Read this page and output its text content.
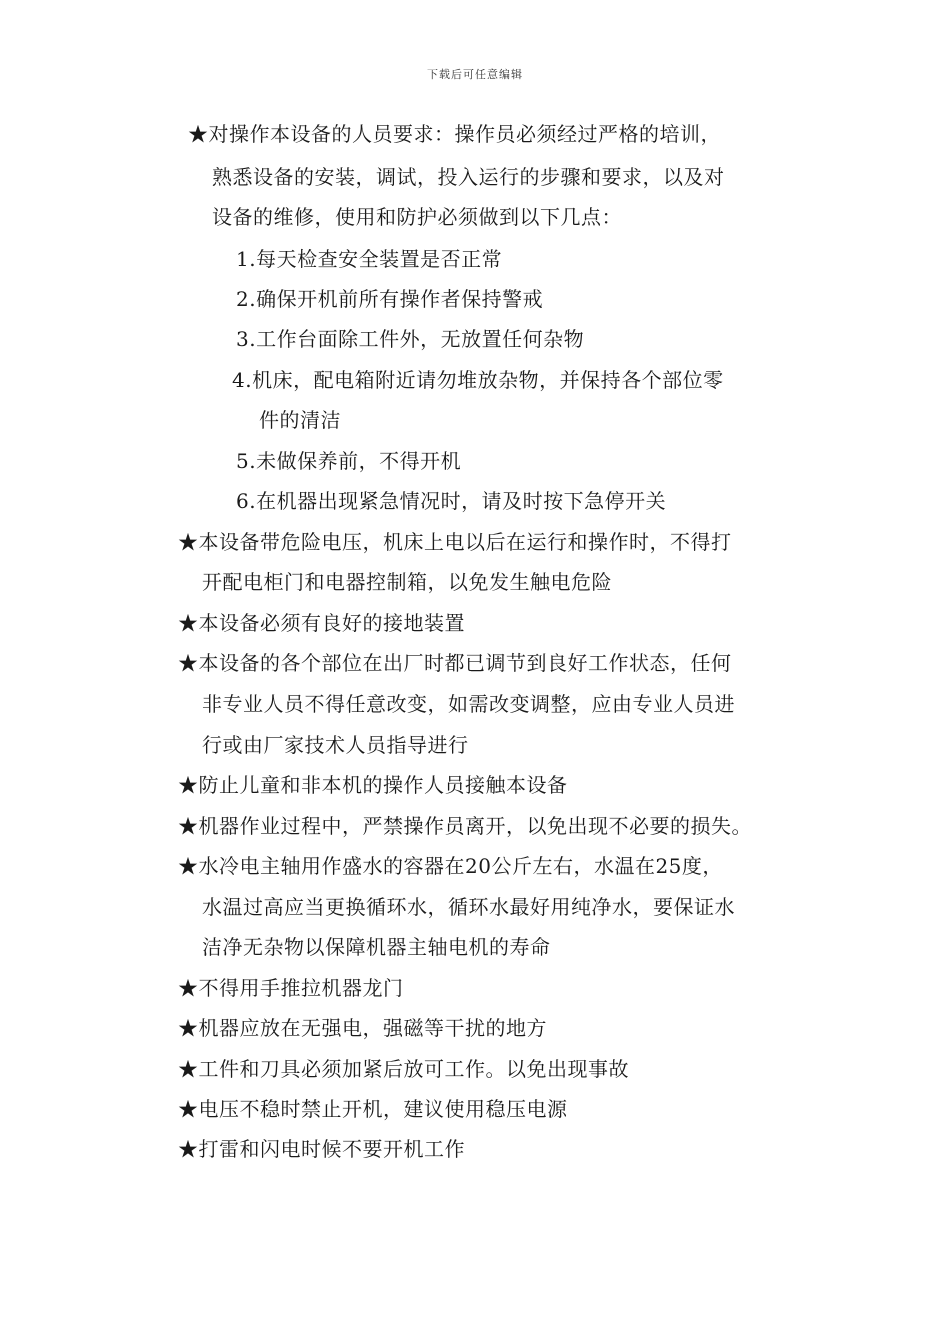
下载后可任意编辑
★对操作本设备的人员要求：操作员必须经过严格的培训，
熟悉设备的安装，调试，投入运行的步骤和要求，以及对
设备的维修，使用和防护必须做到以下几点：
1.每天检查安全装置是否正常
2.确保开机前所有操作者保持警戒
3.工作台面除工件外，无放置任何杂物
4.机床，配电箱附近请勿堆放杂物，并保持各个部位零
件的清洁
5.未做保养前，不得开机
6.在机器出现紧急情况时，请及时按下急停开关
★本设备带危险电压，机床上电以后在运行和操作时，不得打
开配电柜门和电器控制箱，以免发生触电危险
★本设备必须有良好的接地装置
★本设备的各个部位在出厂时都已调节到良好工作状态，任何
非专业人员不得任意改变，如需改变调整，应由专业人员进
行或由厂家技术人员指导进行
★防止儿童和非本机的操作人员接触本设备
★机器作业过程中，严禁操作员离开，以免出现不必要的损失。
★水冷电主轴用作盛水的容器在20公斤左右，水温在25度，
水温过高应当更换循环水，循环水最好用纯净水，要保证水
洁净无杂物以保障机器主轴电机的寿命
★不得用手推拉机器龙门
★机器应放在无强电，强磁等干扰的地方
★工件和刀具必须加紧后放可工作。以免出现事故
★电压不稳时禁止开机，建议使用稳压电源
★打雷和闪电时候不要开机工作
